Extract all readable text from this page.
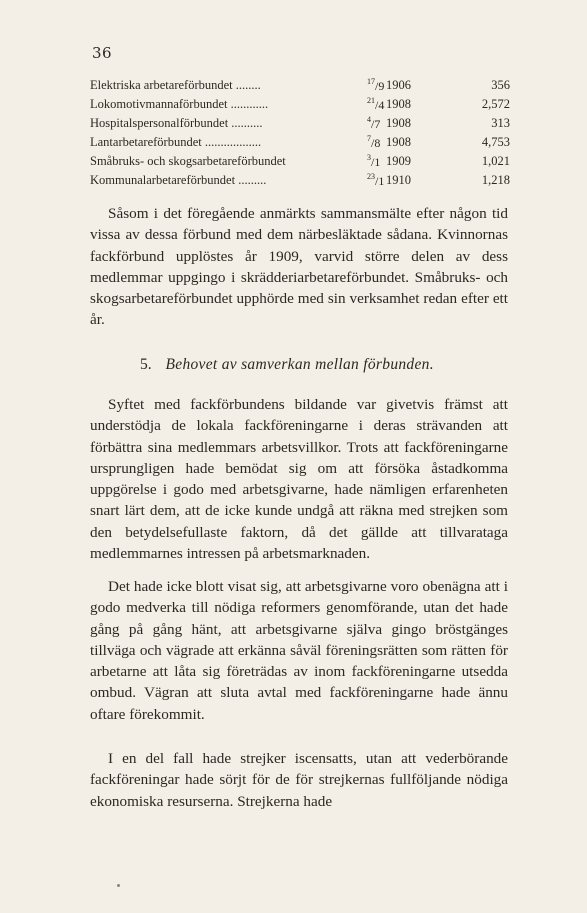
36
Elektriska arbetareförbundet ........	$^{17}$/9 1906	356
Lokomotivmannaförbundet ............	$^{21}$/4 1908	2,572
Hospitalspersonalförbundet ..........	$^4$/7 1908	313
Lantarbetareförbundet ..................	$^7$/8 1908	4,753
Småbruks- och skogsarbetareförbundet	$^3$/1 1909	1,021
Kommunalarbetareförbundet .........	$^{23}$/1 1910	1,218
Såsom i det föregående anmärkts sammansmälte efter någon tid vissa av dessa förbund med dem närbesläktade sådana. Kvinnornas fackförbund upplöstes år 1909, varvid större delen av dess medlemmar uppgingo i skrädderiarbetareförbundet. Småbruks- och skogsarbetareförbundet upphörde med sin verksamhet redan efter ett år.
5. Behovet av samverkan mellan förbunden.
Syftet med fackförbundens bildande var givetvis främst att understödja de lokala fackföreningarne i deras strävanden att förbättra sina medlemmars arbetsvillkor. Trots att fackföreningarne ursprungligen hade bemödat sig om att försöka åstadkomma uppgörelse i godo med arbetsgivarne, hade nämligen erfarenheten snart lärt dem, att de icke kunde undgå att räkna med strejken som den betydelsefullaste faktorn, då det gällde att tillvarataga medlemmarnes intressen på arbetsmarknaden.
Det hade icke blott visat sig, att arbetsgivarne voro obenägna att i godo medverka till nödiga reformers genomförande, utan det hade gång på gång hänt, att arbetsgivarne själva gingo bröstgänges tillväga och vägrade att erkänna såväl föreningsrätten som rätten för arbetarne att låta sig företrädas av inom fackföreningarne utsedda ombud. Vägran att sluta avtal med fackföreningarne hade ännu oftare förekommit.
I en del fall hade strejker iscensatts, utan att vederbörande fackföreningar hade sörjt för de för strejkernas fullföljande nödiga ekonomiska resurserna. Strejkerna hade
